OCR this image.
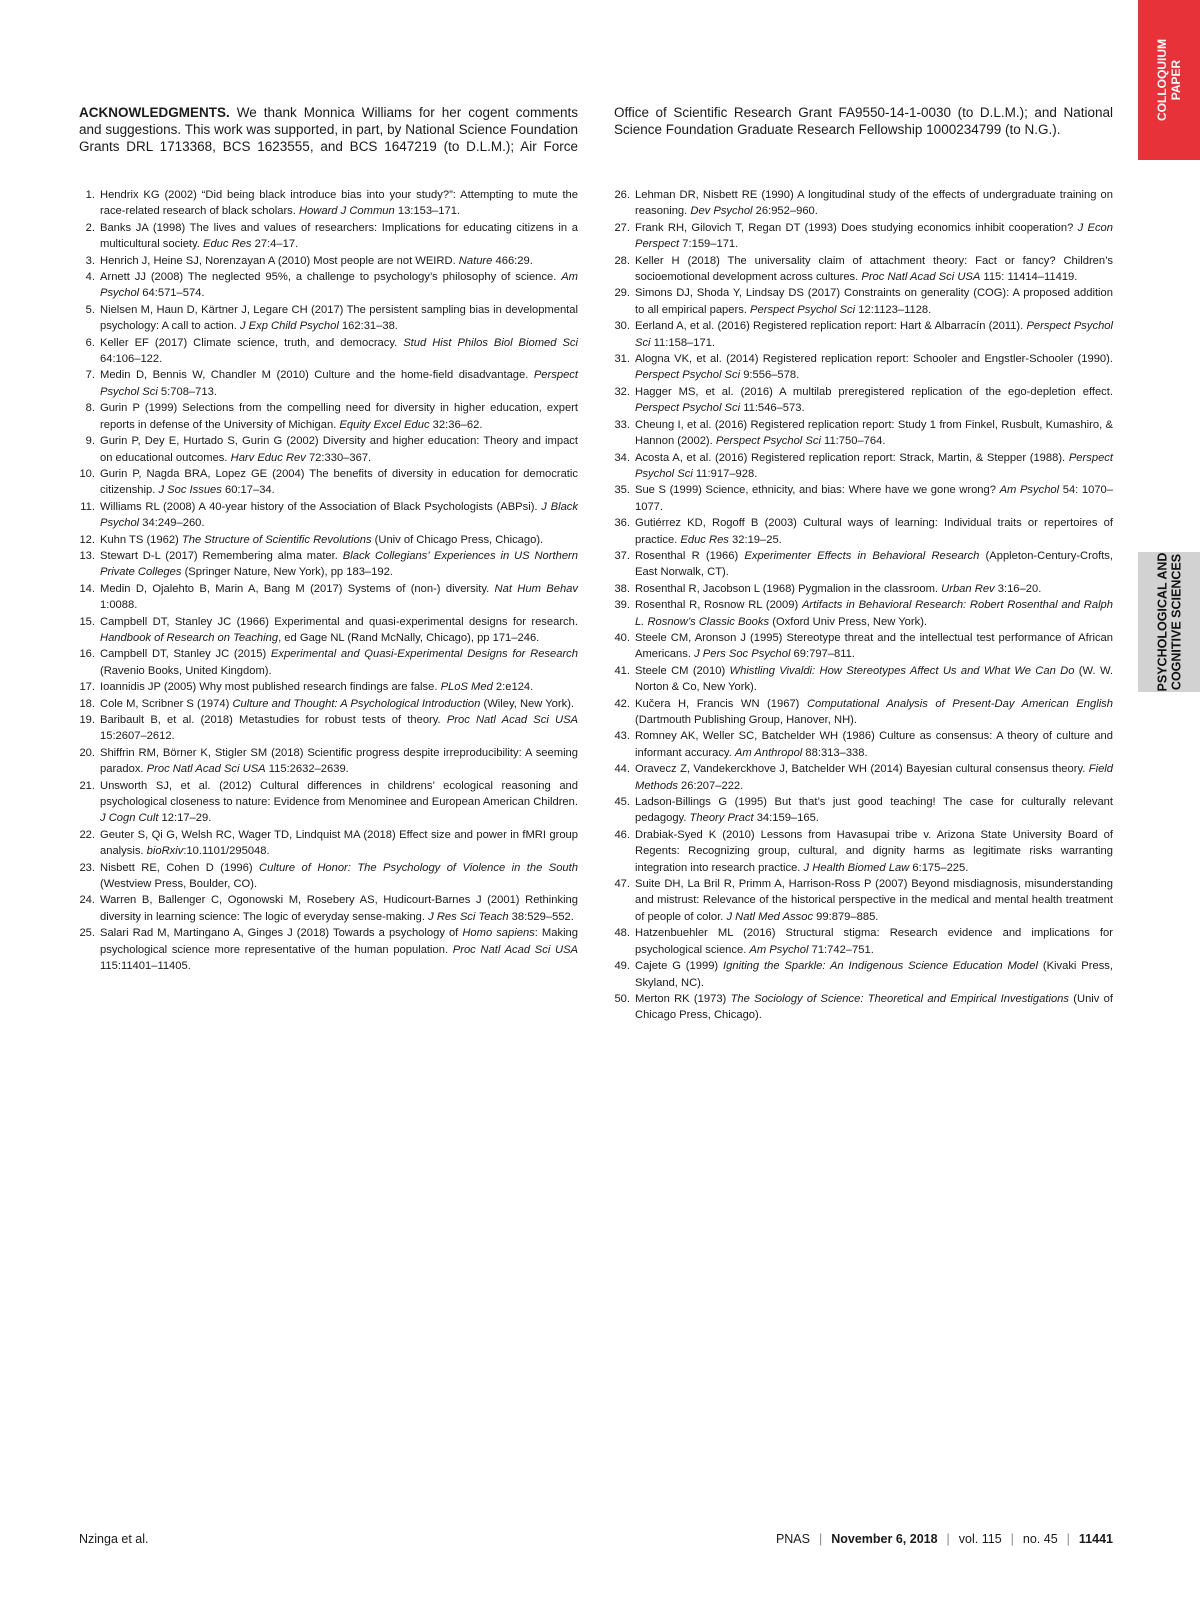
COLLOQUIUM
PAPER
PSYCHOLOGICAL AND
COGNITIVE SCIENCES
ACKNOWLEDGMENTS. We thank Monnica Williams for her cogent comments and suggestions. This work was supported, in part, by National Science Foundation Grants DRL 1713368, BCS 1623555, and BCS 1647219 (to D.L.M.); Air Force Office of Scientific Research Grant FA9550-14-1-0030 (to D.L.M.); and National Science Foundation Graduate Research Fellowship 1000234799 (to N.G.).
1. Hendrix KG (2002) “Did being black introduce bias into your study?”: Attempting to mute the race-related research of black scholars. Howard J Commun 13:153–171.
2. Banks JA (1998) The lives and values of researchers: Implications for educating citizens in a multicultural society. Educ Res 27:4–17.
3. Henrich J, Heine SJ, Norenzayan A (2010) Most people are not WEIRD. Nature 466:29.
4. Arnett JJ (2008) The neglected 95%, a challenge to psychology’s philosophy of science. Am Psychol 64:571–574.
5. Nielsen M, Haun D, Kärtner J, Legare CH (2017) The persistent sampling bias in developmental psychology: A call to action. J Exp Child Psychol 162:31–38.
6. Keller EF (2017) Climate science, truth, and democracy. Stud Hist Philos Biol Biomed Sci 64:106–122.
7. Medin D, Bennis W, Chandler M (2010) Culture and the home-field disadvantage. Perspect Psychol Sci 5:708–713.
8. Gurin P (1999) Selections from the compelling need for diversity in higher education, expert reports in defense of the University of Michigan. Equity Excel Educ 32:36–62.
9. Gurin P, Dey E, Hurtado S, Gurin G (2002) Diversity and higher education: Theory and impact on educational outcomes. Harv Educ Rev 72:330–367.
10. Gurin P, Nagda BRA, Lopez GE (2004) The benefits of diversity in education for democratic citizenship. J Soc Issues 60:17–34.
11. Williams RL (2008) A 40-year history of the Association of Black Psychologists (ABPsi). J Black Psychol 34:249–260.
12. Kuhn TS (1962) The Structure of Scientific Revolutions (Univ of Chicago Press, Chicago).
13. Stewart D-L (2017) Remembering alma mater. Black Collegians’ Experiences in US Northern Private Colleges (Springer Nature, New York), pp 183–192.
14. Medin D, Ojalehto B, Marin A, Bang M (2017) Systems of (non-) diversity. Nat Hum Behav 1:0088.
15. Campbell DT, Stanley JC (1966) Experimental and quasi-experimental designs for research. Handbook of Research on Teaching, ed Gage NL (Rand McNally, Chicago), pp 171–246.
16. Campbell DT, Stanley JC (2015) Experimental and Quasi-Experimental Designs for Research (Ravenio Books, United Kingdom).
17. Ioannidis JP (2005) Why most published research findings are false. PLoS Med 2:e124.
18. Cole M, Scribner S (1974) Culture and Thought: A Psychological Introduction (Wiley, New York).
19. Baribault B, et al. (2018) Metastudies for robust tests of theory. Proc Natl Acad Sci USA 15:2607–2612.
20. Shiffrin RM, Börner K, Stigler SM (2018) Scientific progress despite irreproducibility: A seeming paradox. Proc Natl Acad Sci USA 115:2632–2639.
21. Unsworth SJ, et al. (2012) Cultural differences in childrens’ ecological reasoning and psychological closeness to nature: Evidence from Menominee and European American Children. J Cogn Cult 12:17–29.
22. Geuter S, Qi G, Welsh RC, Wager TD, Lindquist MA (2018) Effect size and power in fMRI group analysis. bioRxiv:10.1101/295048.
23. Nisbett RE, Cohen D (1996) Culture of Honor: The Psychology of Violence in the South (Westview Press, Boulder, CO).
24. Warren B, Ballenger C, Ogonowski M, Rosebery AS, Hudicourt-Barnes J (2001) Rethinking diversity in learning science: The logic of everyday sense-making. J Res Sci Teach 38:529–552.
25. Salari Rad M, Martingano A, Ginges J (2018) Towards a psychology of Homo sapiens: Making psychological science more representative of the human population. Proc Natl Acad Sci USA 115:11401–11405.
26. Lehman DR, Nisbett RE (1990) A longitudinal study of the effects of undergraduate training on reasoning. Dev Psychol 26:952–960.
27. Frank RH, Gilovich T, Regan DT (1993) Does studying economics inhibit cooperation? J Econ Perspect 7:159–171.
28. Keller H (2018) The universality claim of attachment theory: Fact or fancy? Children’s socioemotional development across cultures. Proc Natl Acad Sci USA 115: 11414–11419.
29. Simons DJ, Shoda Y, Lindsay DS (2017) Constraints on generality (COG): A proposed addition to all empirical papers. Perspect Psychol Sci 12:1123–1128.
30. Eerland A, et al. (2016) Registered replication report: Hart & Albarracín (2011). Perspect Psychol Sci 11:158–171.
31. Alogna VK, et al. (2014) Registered replication report: Schooler and Engstler-Schooler (1990). Perspect Psychol Sci 9:556–578.
32. Hagger MS, et al. (2016) A multilab preregistered replication of the ego-depletion effect. Perspect Psychol Sci 11:546–573.
33. Cheung I, et al. (2016) Registered replication report: Study 1 from Finkel, Rusbult, Kumashiro, & Hannon (2002). Perspect Psychol Sci 11:750–764.
34. Acosta A, et al. (2016) Registered replication report: Strack, Martin, & Stepper (1988). Perspect Psychol Sci 11:917–928.
35. Sue S (1999) Science, ethnicity, and bias: Where have we gone wrong? Am Psychol 54: 1070–1077.
36. Gutiérrez KD, Rogoff B (2003) Cultural ways of learning: Individual traits or repertoires of practice. Educ Res 32:19–25.
37. Rosenthal R (1966) Experimenter Effects in Behavioral Research (Appleton-Century-Crofts, East Norwalk, CT).
38. Rosenthal R, Jacobson L (1968) Pygmalion in the classroom. Urban Rev 3:16–20.
39. Rosenthal R, Rosnow RL (2009) Artifacts in Behavioral Research: Robert Rosenthal and Ralph L. Rosnow’s Classic Books (Oxford Univ Press, New York).
40. Steele CM, Aronson J (1995) Stereotype threat and the intellectual test performance of African Americans. J Pers Soc Psychol 69:797–811.
41. Steele CM (2010) Whistling Vivaldi: How Stereotypes Affect Us and What We Can Do (W. W. Norton & Co, New York).
42. Kučera H, Francis WN (1967) Computational Analysis of Present-Day American English (Dartmouth Publishing Group, Hanover, NH).
43. Romney AK, Weller SC, Batchelder WH (1986) Culture as consensus: A theory of culture and informant accuracy. Am Anthropol 88:313–338.
44. Oravecz Z, Vandekerckhove J, Batchelder WH (2014) Bayesian cultural consensus theory. Field Methods 26:207–222.
45. Ladson-Billings G (1995) But that’s just good teaching! The case for culturally relevant pedagogy. Theory Pract 34:159–165.
46. Drabiak-Syed K (2010) Lessons from Havasupai tribe v. Arizona State University Board of Regents: Recognizing group, cultural, and dignity harms as legitimate risks warranting integration into research practice. J Health Biomed Law 6:175–225.
47. Suite DH, La Bril R, Primm A, Harrison-Ross P (2007) Beyond misdiagnosis, misunderstanding and mistrust: Relevance of the historical perspective in the medical and mental health treatment of people of color. J Natl Med Assoc 99:879–885.
48. Hatzenbuehler ML (2016) Structural stigma: Research evidence and implications for psychological science. Am Psychol 71:742–751.
49. Cajete G (1999) Igniting the Sparkle: An Indigenous Science Education Model (Kivaki Press, Skyland, NC).
50. Merton RK (1973) The Sociology of Science: Theoretical and Empirical Investigations (Univ of Chicago Press, Chicago).
Nzinga et al.	PNAS | November 6, 2018 | vol. 115 | no. 45 | 11441
